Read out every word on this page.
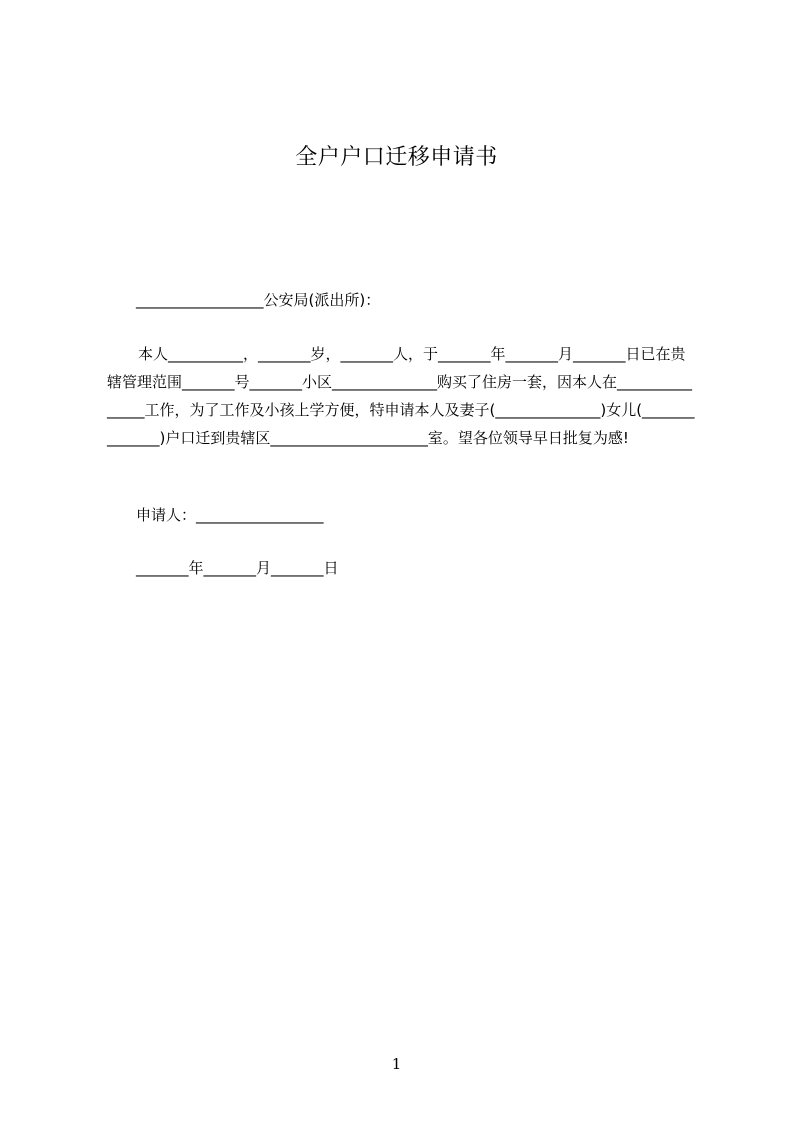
全户户口迁移申请书
_________________公安局(派出所)：
本人__________，_______岁，_______人，于_______年_______月_______日已在贵辖管理范围_______号_______小区______________购买了住房一套，因本人在_______________工作，为了工作及小孩上学方便，特申请本人及妻子(______________)女儿(______________)户口迁到贵辖区_____________________室。望各位领导早日批复为感!
申请人：_________________
_______年_______月_______日
1
